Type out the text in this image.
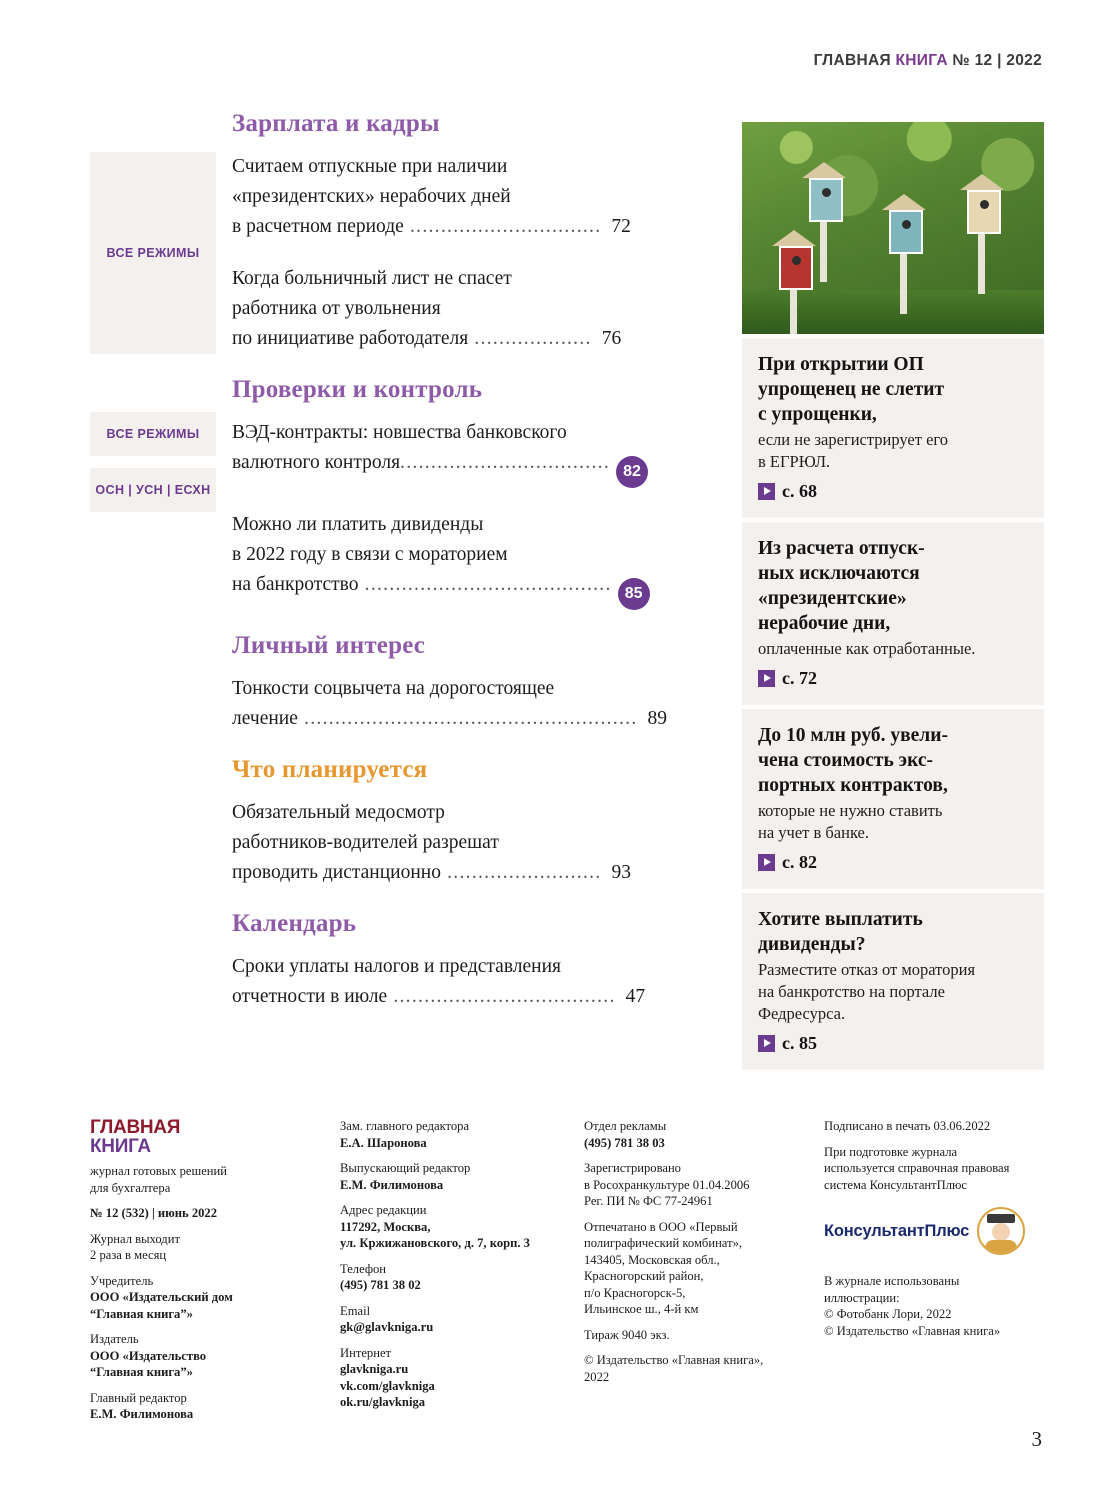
ГЛАВНАЯ КНИГА № 12 | 2022
Зарплата и кадры
Считаем отпускные при наличии
«президентских» нерабочих дней
в расчетном периоде ............................... 72
Когда больничный лист не спасет
работника от увольнения
по инициативе работодателя ................... 76
ВСЕ РЕЖИМЫ
Проверки и контроль
ВЭД-контракты: новшества банковского
валютного контроля.................................. 82
ВСЕ РЕЖИМЫ
Можно ли платить дивиденды
в 2022 году в связи с мораторием
на банкротство ........................................ 85
ОСН | УСН | ЕСХН
Личный интерес
Тонкости соцвычета на дорогостоящее
лечение ...................................................... 89
Что планируется
Обязательный медосмотр
работников-водителей разрешат
проводить дистанционно ......................... 93
Календарь
Сроки уплаты налогов и представления
отчетности в июле .................................... 47
При открытии ОП
упрощенец не слетит
с упрощенки,
если не зарегистрирует его
в ЕГРЮЛ.
с. 68
Из расчета отпуск-
ных исключаются
«президентские»
нерабочие дни,
оплаченные как отработанные.
с. 72
До 10 млн руб. увели-
чена стоимость экс-
портных контрактов,
которые не нужно ставить
на учет в банке.
с. 82
Хотите выплатить
дивиденды?
Разместите отказ от моратория
на банкротство на портале
Федресурса.
с. 85
ГЛАВНАЯ
КНИГА

журнал готовых решений
для бухгалтера

№ 12 (532) | июнь 2022

Журнал выходит
2 раза в месяц

Учредитель
ООО «Издательский дом
“Главная книга”»

Издатель
ООО «Издательство
“Главная книга”»

Главный редактор
Е.М. Филимонова

Зам. главного редактора
Е.А. Шаронова

Выпускающий редактор
Е.М. Филимонова

Адрес редакции
117292, Москва,
ул. Кржижановского, д. 7, корп. 3

Телефон
(495) 781 38 02

Email
gk@glavkniga.ru

Интернет
glavkniga.ru
vk.com/glavkniga
ok.ru/glavkniga

Отдел рекламы
(495) 781 38 03

Зарегистрировано
в Росохранкультуре 01.04.2006
Рег. ПИ № ФС 77-24961

Отпечатано в ООО «Первый
полиграфический комбинат»,
143405, Московская обл.,
Красногорский район,
п/о Красногорск-5,
Ильинское ш., 4-й км

Тираж 9040 экз.

© Издательство «Главная книга»,
2022

Подписано в печать 03.06.2022

При подготовке журнала
используется справочная правовая
система КонсультантПлюс

КонсультантПлюс

В журнале использованы
иллюстрации:
© Фотобанк Лори, 2022
© Издательство «Главная книга»

3
